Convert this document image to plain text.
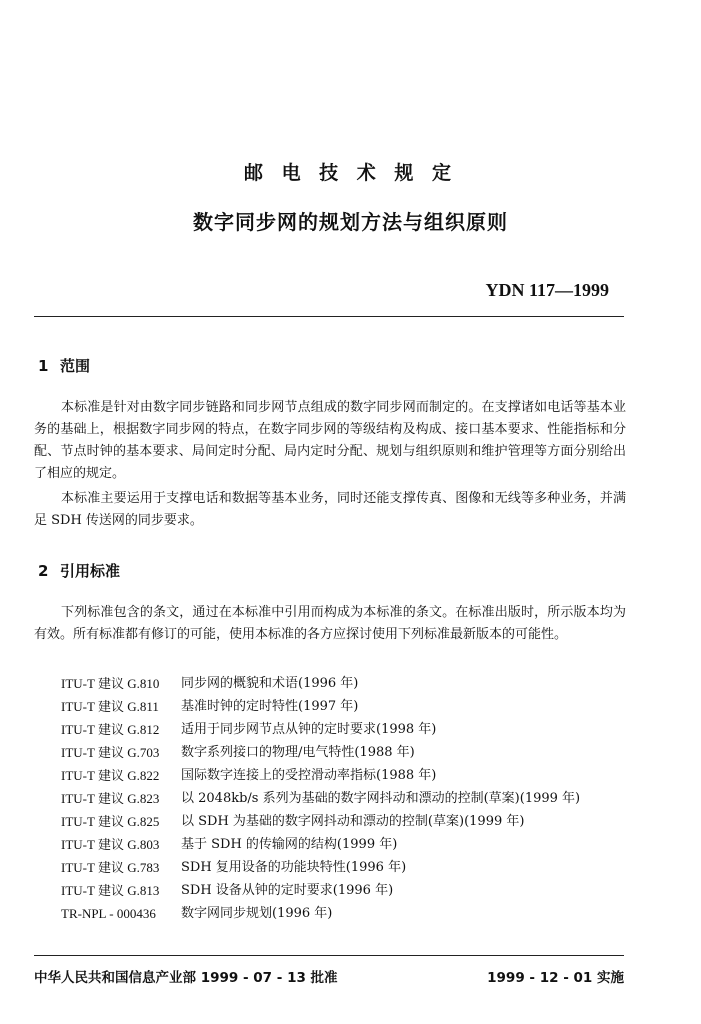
邮 电 技 术 规 定
数字同步网的规划方法与组织原则
YDN 117—1999
1 范围

本标准是针对由数字同步链路和同步网节点组成的数字同步网而制定的。在支撑诸如电话等基本业务的基础上，根据数字同步网的特点，在数字同步网的等级结构及构成、接口基本要求、性能指标和分配、节点时钟的基本要求、局间定时分配、局内定时分配、规划与组织原则和维护管理等方面分别给出了相应的规定。

本标准主要运用于支撑电话和数据等基本业务，同时还能支撑传真、图像和无线等多种业务，并满足 SDH 传送网的同步要求。

2 引用标准

下列标准包含的条文，通过在本标准中引用而构成为本标准的条文。在标准出版时，所示版本均为有效。所有标准都有修订的可能，使用本标准的各方应探讨使用下列标准最新版本的可能性。

ITU-T 建议 G.810	同步网的概貌和术语(1996 年)
ITU-T 建议 G.811	基准时钟的定时特性(1997 年)
ITU-T 建议 G.812	适用于同步网节点从钟的定时要求(1998 年)
ITU-T 建议 G.703	数字系列接口的物理/电气特性(1988 年)
ITU-T 建议 G.822	国际数字连接上的受控滑动率指标(1988 年)
ITU-T 建议 G.823	以 2048kb/s 系列为基础的数字网抖动和漂动的控制(草案)(1999 年)
ITU-T 建议 G.825	以 SDH 为基础的数字网抖动和漂动的控制(草案)(1999 年)
ITU-T 建议 G.803	基于 SDH 的传输网的结构(1999 年)
ITU-T 建议 G.783	SDH 复用设备的功能块特性(1996 年)
ITU-T 建议 G.813	SDH 设备从钟的定时要求(1996 年)
TR-NPL - 000436	数字网同步规划(1996 年)
中华人民共和国信息产业部 1999 - 07 - 13 批准	1999 - 12 - 01 实施
